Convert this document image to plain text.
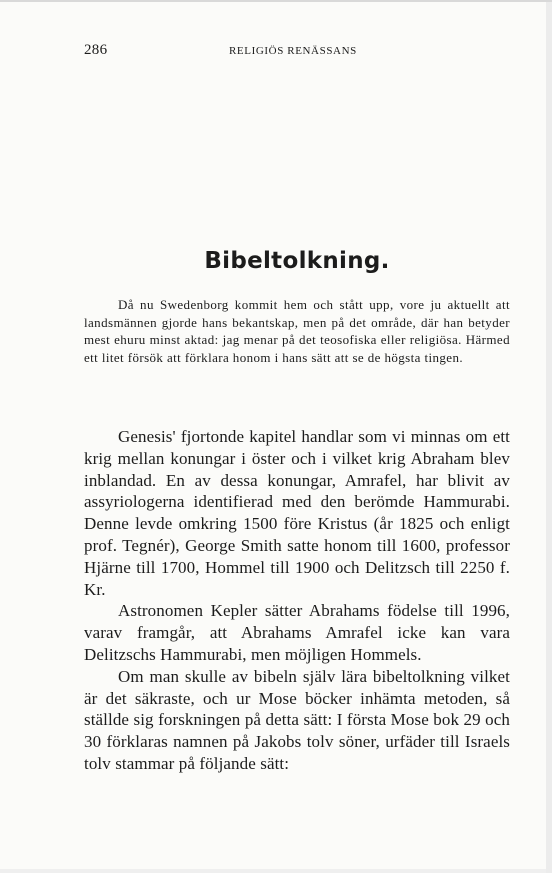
286	RELIGIÖS RENÄSSANS
Bibeltolkning.

Då nu Swedenborg kommit hem och stått upp, vore ju aktuellt att landsmännen gjorde hans bekantskap, men på det område, där han betyder mest ehuru minst aktad: jag menar på det teosofiska eller religiösa. Härmed ett litet försök att förklara honom i hans sätt att se de högsta tingen.

Genesis' fjortonde kapitel handlar som vi minnas om ett krig mellan konungar i öster och i vilket krig Abraham blev inblandad. En av dessa konungar, Amrafel, har blivit av assyriologerna identifierad med den berömde Hammurabi. Denne levde omkring 1500 före Kristus (år 1825 och enligt prof. Tegnér), George Smith satte honom till 1600, professor Hjärne till 1700, Hommel till 1900 och Delitzsch till 2250 f. Kr.

Astronomen Kepler sätter Abrahams födelse till 1996, varav framgår, att Abrahams Amrafel icke kan vara Delitzschs Hammurabi, men möjligen Hommels.

Om man skulle av bibeln själv lära bibeltolkning vilket är det säkraste, och ur Mose böcker inhämta metoden, så ställde sig forskningen på detta sätt: I första Mose bok 29 och 30 förklaras namnen på Jakobs tolv söner, urfäder till Israels tolv stammar på följande sätt:
